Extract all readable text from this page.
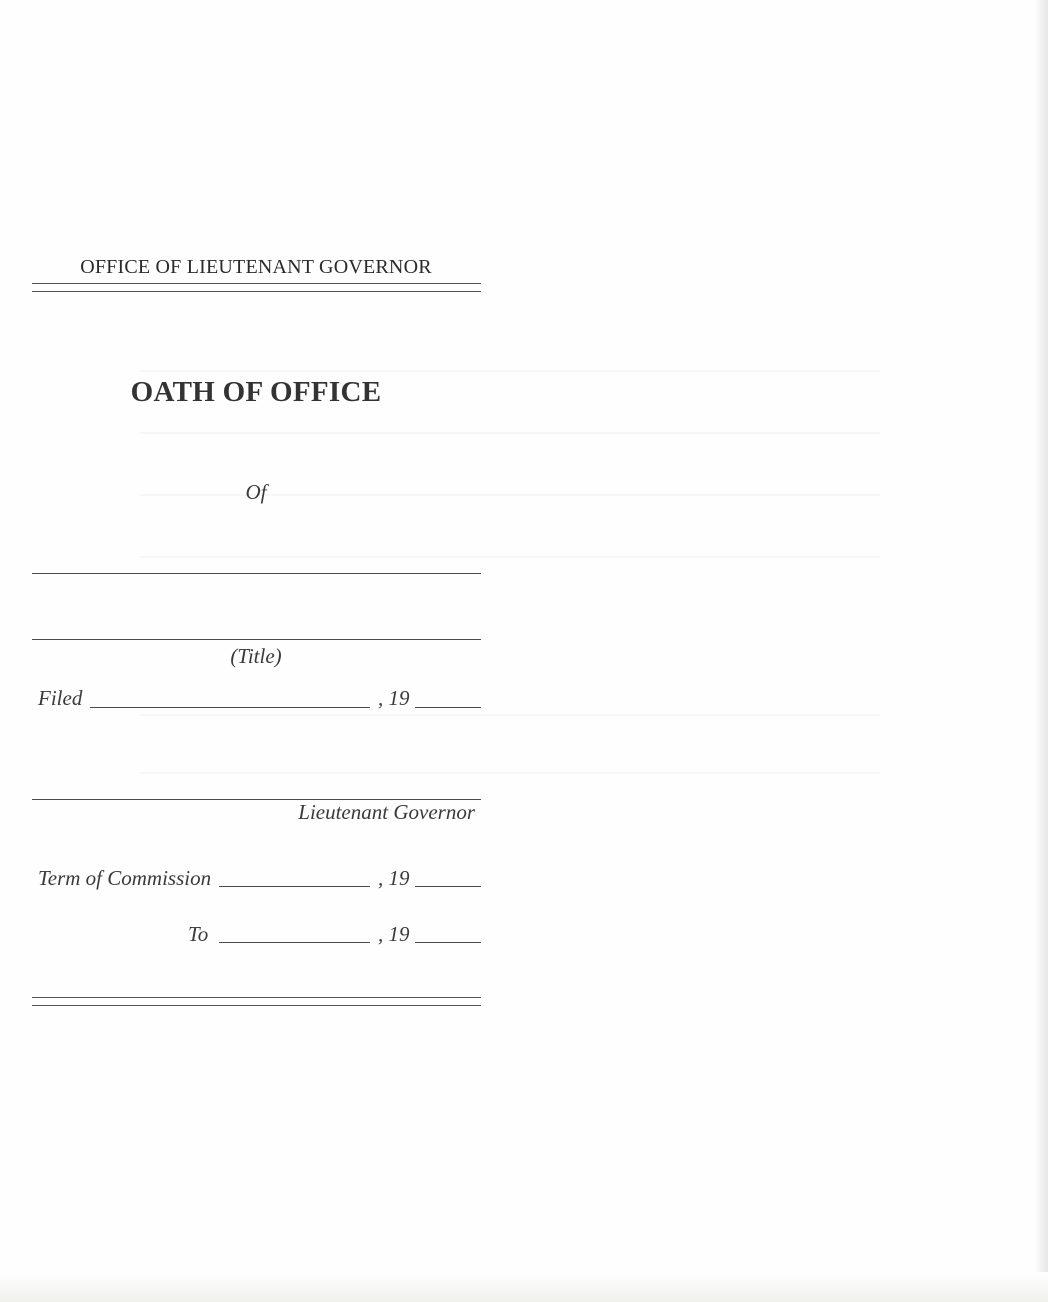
OFFICE OF LIEUTENANT GOVERNOR
OATH OF OFFICE
Of
(Title)
Filed	, 19
Lieutenant Governor
Term of Commission	, 19
To	, 19
